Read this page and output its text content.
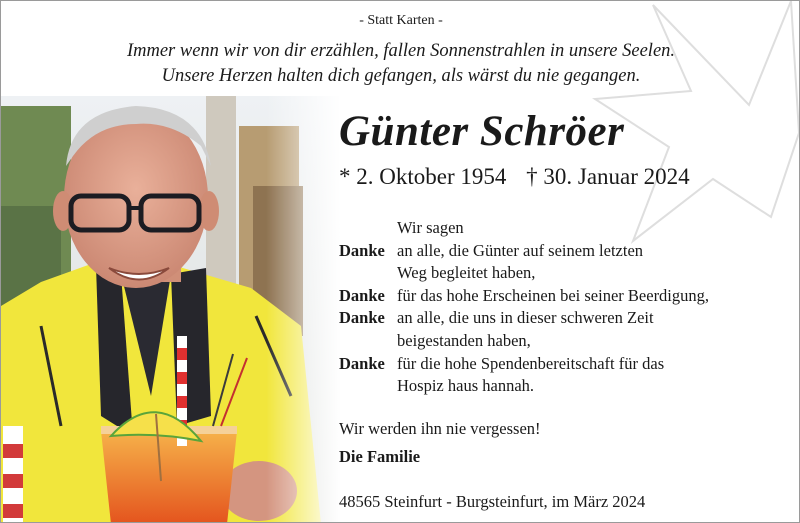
- Statt Karten -
Immer wenn wir von dir erzählen, fallen Sonnenstrahlen in unsere Seelen.
Unsere Herzen halten dich gefangen, als wärst du nie gegangen.
Günter Schröer
* 2. Oktober 1954 † 30. Januar 2024
Wir sagen
Danke an alle, die Günter auf seinem letzten
Weg begleitet haben,
Danke für das hohe Erscheinen bei seiner Beerdigung,
Danke an alle, die uns in dieser schweren Zeit
beigestanden haben,
Danke für die hohe Spendenbereitschaft für das
Hospiz haus hannah.
Wir werden ihn nie vergessen!
Die Familie
48565 Steinfurt - Burgsteinfurt, im März 2024
